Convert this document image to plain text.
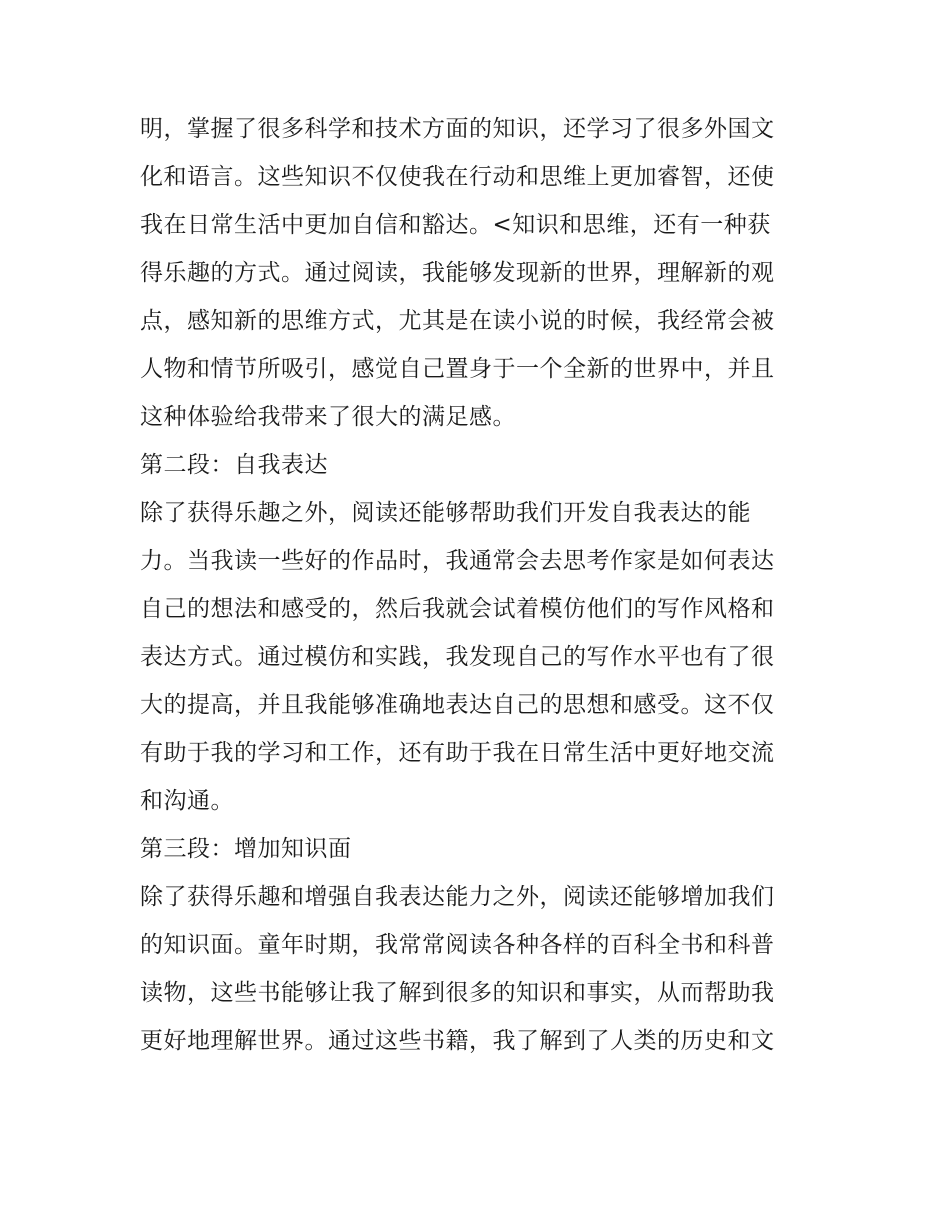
明，掌握了很多科学和技术方面的知识，还学习了很多外国文
化和语言。这些知识不仅使我在行动和思维上更加睿智，还使
我在日常生活中更加自信和豁达。<知识和思维，还有一种获
得乐趣的方式。通过阅读，我能够发现新的世界，理解新的观
点，感知新的思维方式，尤其是在读小说的时候，我经常会被
人物和情节所吸引，感觉自己置身于一个全新的世界中，并且
这种体验给我带来了很大的满足感。
第二段：自我表达
除了获得乐趣之外，阅读还能够帮助我们开发自我表达的能
力。当我读一些好的作品时，我通常会去思考作家是如何表达
自己的想法和感受的，然后我就会试着模仿他们的写作风格和
表达方式。通过模仿和实践，我发现自己的写作水平也有了很
大的提高，并且我能够准确地表达自己的思想和感受。这不仅
有助于我的学习和工作，还有助于我在日常生活中更好地交流
和沟通。
第三段：增加知识面
除了获得乐趣和增强自我表达能力之外，阅读还能够增加我们
的知识面。童年时期，我常常阅读各种各样的百科全书和科普
读物，这些书能够让我了解到很多的知识和事实，从而帮助我
更好地理解世界。通过这些书籍，我了解到了人类的历史和文
